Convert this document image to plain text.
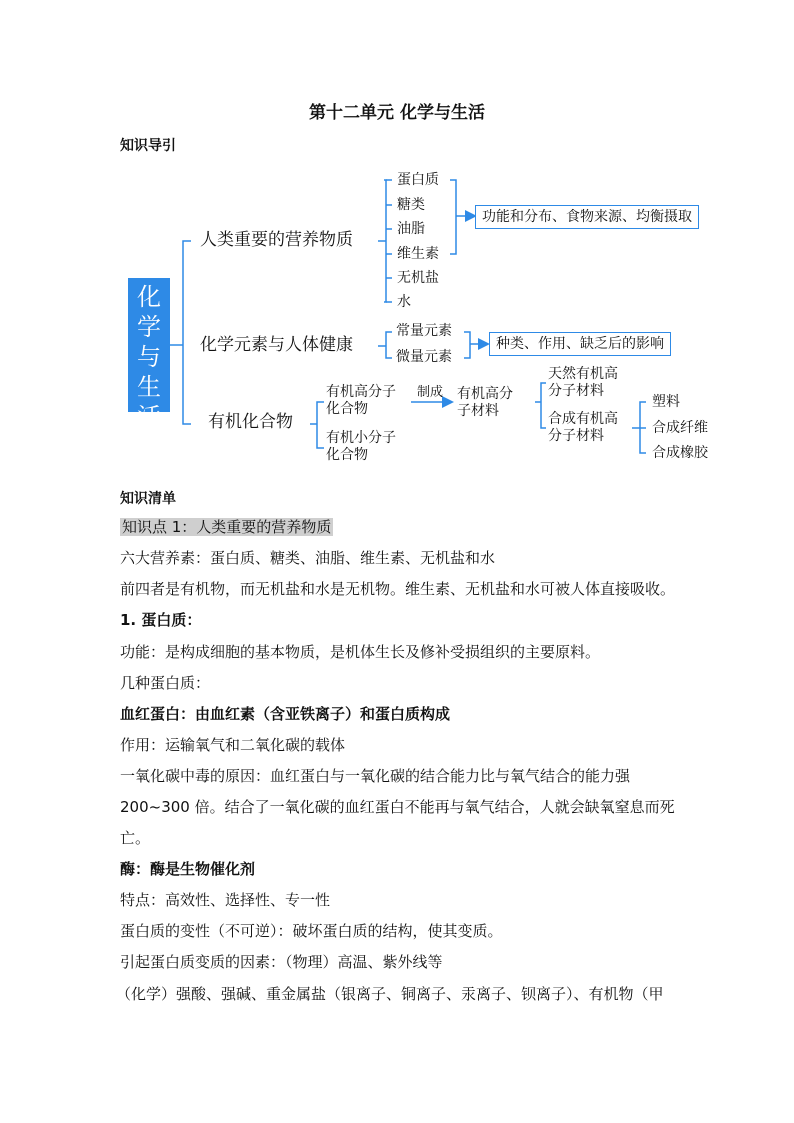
第十二单元 化学与生活
知识导引
化
学
与
生
活
人类重要的营养物质
蛋白质
糖类
油脂
维生素
无机盐
水
功能和分布、食物来源、均衡摄取
化学元素与人体健康
常量元素
微量元素
种类、作用、缺乏后的影响
有机化合物
有机高分子
化合物
有机小分子
化合物
制成 有机高分
子材料
天然有机高
分子材料
合成有机高
分子材料
塑料
合成纤维
合成橡胶
知识清单
知识点 1：人类重要的营养物质
六大营养素：蛋白质、糖类、油脂、维生素、无机盐和水
前四者是有机物，而无机盐和水是无机物。维生素、无机盐和水可被人体直接吸收。
1. 蛋白质：
功能：是构成细胞的基本物质，是机体生长及修补受损组织的主要原料。
几种蛋白质：
血红蛋白：由血红素（含亚铁离子）和蛋白质构成
作用：运输氧气和二氧化碳的载体
一氧化碳中毒的原因：血红蛋白与一氧化碳的结合能力比与氧气结合的能力强
200~300 倍。结合了一氧化碳的血红蛋白不能再与氧气结合，人就会缺氧窒息而死
亡。
酶：酶是生物催化剂
特点：高效性、选择性、专一性
蛋白质的变性（不可逆）：破坏蛋白质的结构，使其变质。
引起蛋白质变质的因素：（物理）高温、紫外线等
（化学）强酸、强碱、重金属盐（银离子、铜离子、汞离子、钡离子）、有机物（甲
